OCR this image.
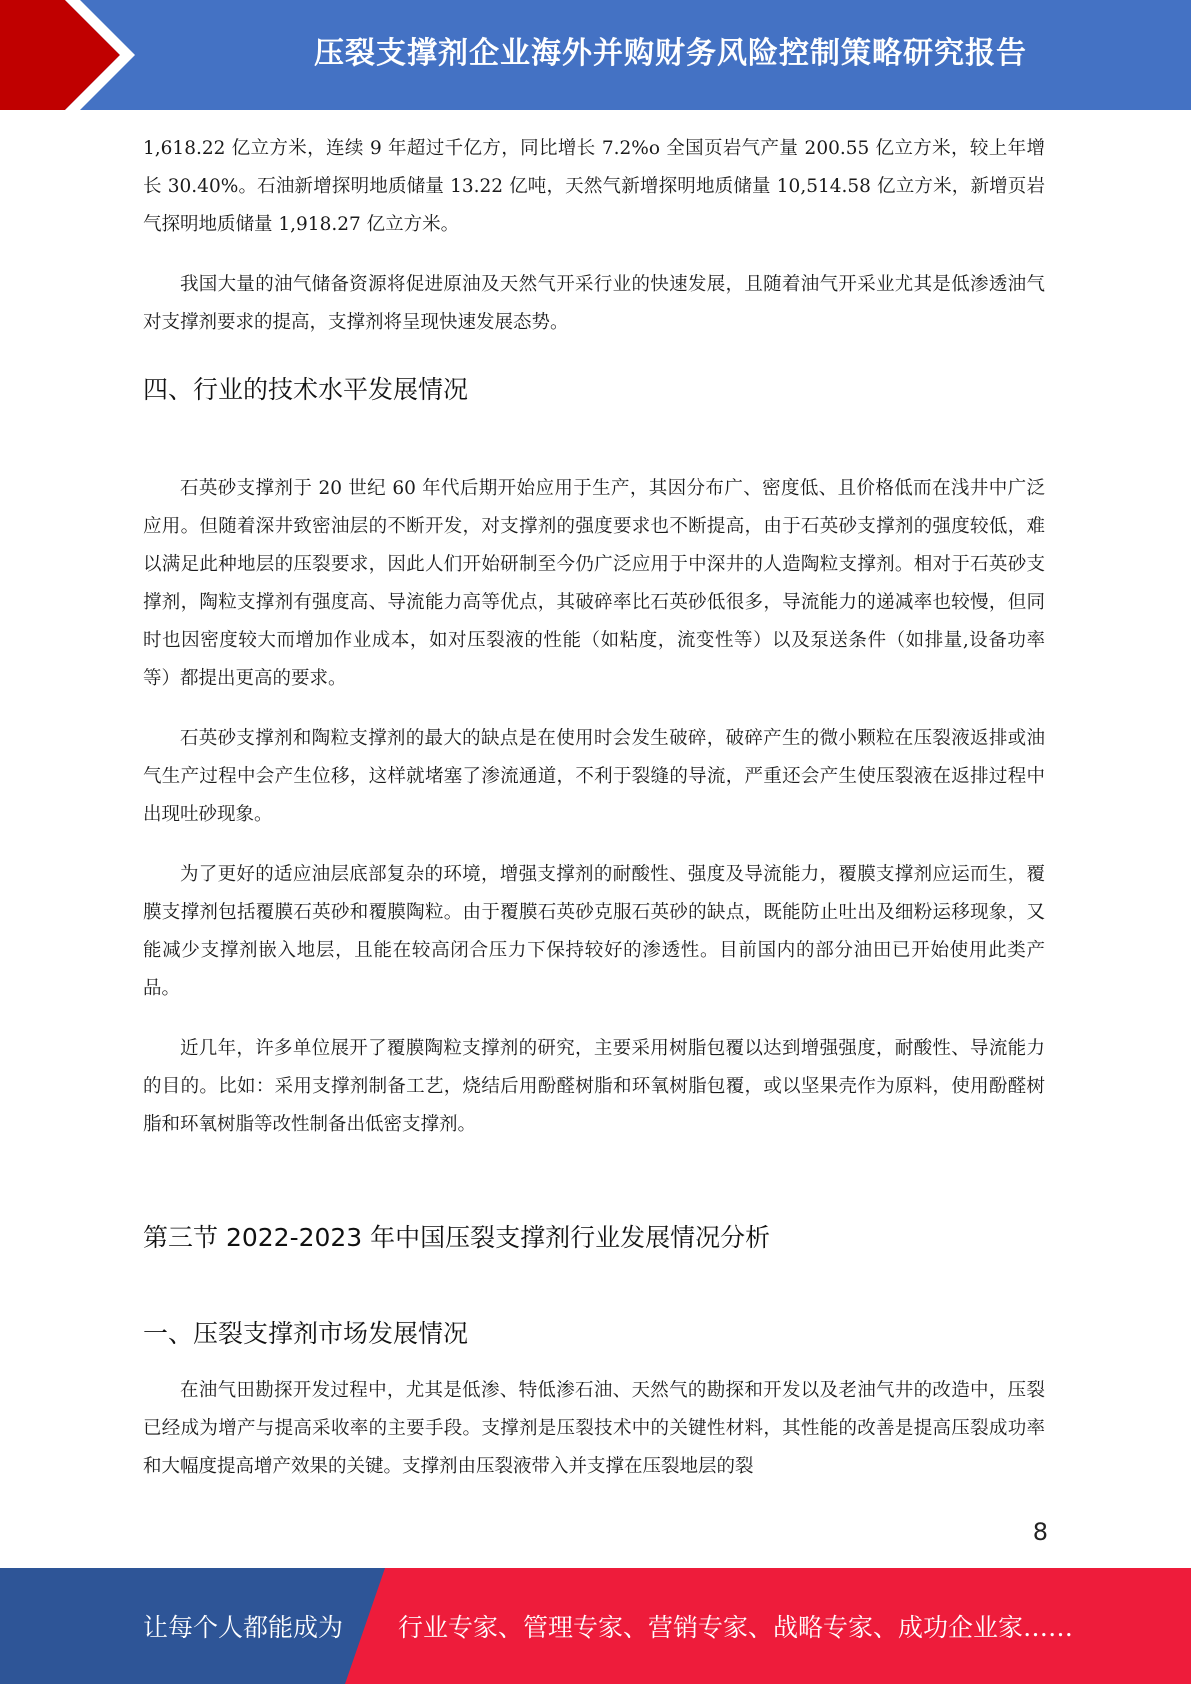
压裂支撑剂企业海外并购财务风险控制策略研究报告

1,618.22 亿立方米，连续 9 年超过千亿方，同比增长 7.2%o 全国页岩气产量 200.55 亿立方米，较上年增长 30.40%。石油新增探明地质储量 13.22 亿吨，天然气新增探明地质储量 10,514.58 亿立方米，新增页岩气探明地质储量 1,918.27 亿立方米。

我国大量的油气储备资源将促进原油及天然气开采行业的快速发展，且随着油气开采业尤其是低渗透油气对支撑剂要求的提高，支撑剂将呈现快速发展态势。

四、行业的技术水平发展情况

石英砂支撑剂于 20 世纪 60 年代后期开始应用于生产，其因分布广、密度低、且价格低而在浅井中广泛应用。但随着深井致密油层的不断开发，对支撑剂的强度要求也不断提高，由于石英砂支撑剂的强度较低，难以满足此种地层的压裂要求，因此人们开始研制至今仍广泛应用于中深井的人造陶粒支撑剂。相对于石英砂支撑剂，陶粒支撑剂有强度高、导流能力高等优点，其破碎率比石英砂低很多，导流能力的递减率也较慢，但同时也因密度较大而增加作业成本，如对压裂液的性能（如粘度，流变性等）以及泵送条件（如排量,设备功率等）都提出更高的要求。

石英砂支撑剂和陶粒支撑剂的最大的缺点是在使用时会发生破碎，破碎产生的微小颗粒在压裂液返排或油气生产过程中会产生位移，这样就堵塞了渗流通道，不利于裂缝的导流，严重还会产生使压裂液在返排过程中出现吐砂现象。

为了更好的适应油层底部复杂的环境，增强支撑剂的耐酸性、强度及导流能力，覆膜支撑剂应运而生，覆膜支撑剂包括覆膜石英砂和覆膜陶粒。由于覆膜石英砂克服石英砂的缺点，既能防止吐出及细粉运移现象，又能减少支撑剂嵌入地层，且能在较高闭合压力下保持较好的渗透性。目前国内的部分油田已开始使用此类产品。

近几年，许多单位展开了覆膜陶粒支撑剂的研究，主要采用树脂包覆以达到增强强度，耐酸性、导流能力的目的。比如：采用支撑剂制备工艺，烧结后用酚醛树脂和环氧树脂包覆，或以坚果壳作为原料，使用酚醛树脂和环氧树脂等改性制备出低密支撑剂。

第三节 2022-2023 年中国压裂支撑剂行业发展情况分析
一、压裂支撑剂市场发展情况

在油气田勘探开发过程中，尤其是低渗、特低渗石油、天然气的勘探和开发以及老油气井的改造中，压裂已经成为增产与提高采收率的主要手段。支撑剂是压裂技术中的关键性材料，其性能的改善是提高压裂成功率和大幅度提高增产效果的关键。支撑剂由压裂液带入并支撑在压裂地层的裂

8
让每个人都能成为 行业专家、管理专家、营销专家、战略专家、成功企业家……
